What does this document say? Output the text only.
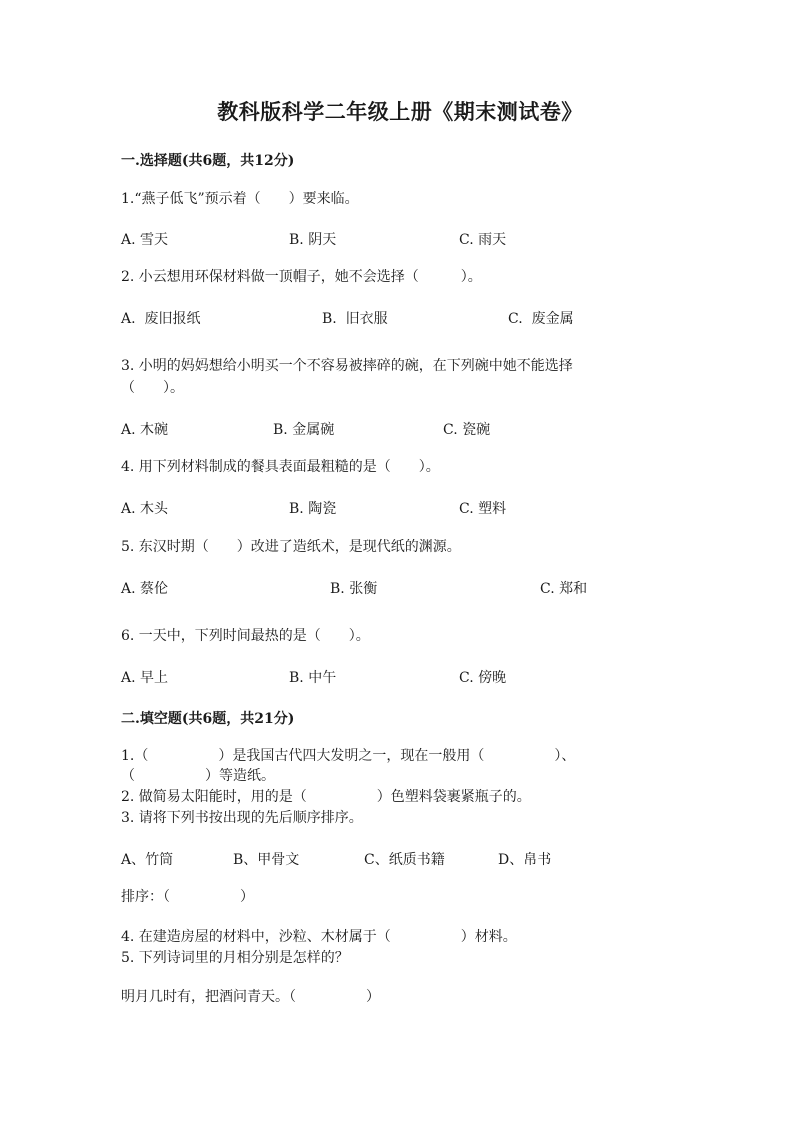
教科版科学二年级上册《期末测试卷》
一.选择题(共6题，共12分)
1.“燕子低飞”预示着（　　）要来临。
A. 雪天	B. 阴天	C. 雨天
2. 小云想用环保材料做一顶帽子，她不会选择（　　　）。
A.  废旧报纸	B.  旧衣服	C.  废金属
3. 小明的妈妈想给小明买一个不容易被摔碎的碗，在下列碗中她不能选择
（　　）。
A. 木碗	B. 金属碗	C. 瓷碗
4. 用下列材料制成的餐具表面最粗糙的是（　　）。
A. 木头	B. 陶瓷	C. 塑料
5. 东汉时期（　　）改进了造纸术，是现代纸的渊源。
A. 蔡伦	B. 张衡	C. 郑和
6. 一天中，下列时间最热的是（　　）。
A. 早上	B. 中午	C. 傍晚
二.填空题(共6题，共21分)
1.（　　　　　）是我国古代四大发明之一，现在一般用（　　　　　）、
（　　　　　）等造纸。
2. 做简易太阳能时，用的是（　　　　　）色塑料袋裹紧瓶子的。
3. 请将下列书按出现的先后顺序排序。
A、竹筒	B、甲骨文	C、纸质书籍	D、帛书
排序：（　　　　　）
4. 在建造房屋的材料中，沙粒、木材属于（　　　　　）材料。
5. 下列诗词里的月相分别是怎样的？
明月几时有，把酒问青天。（　　　　　）
